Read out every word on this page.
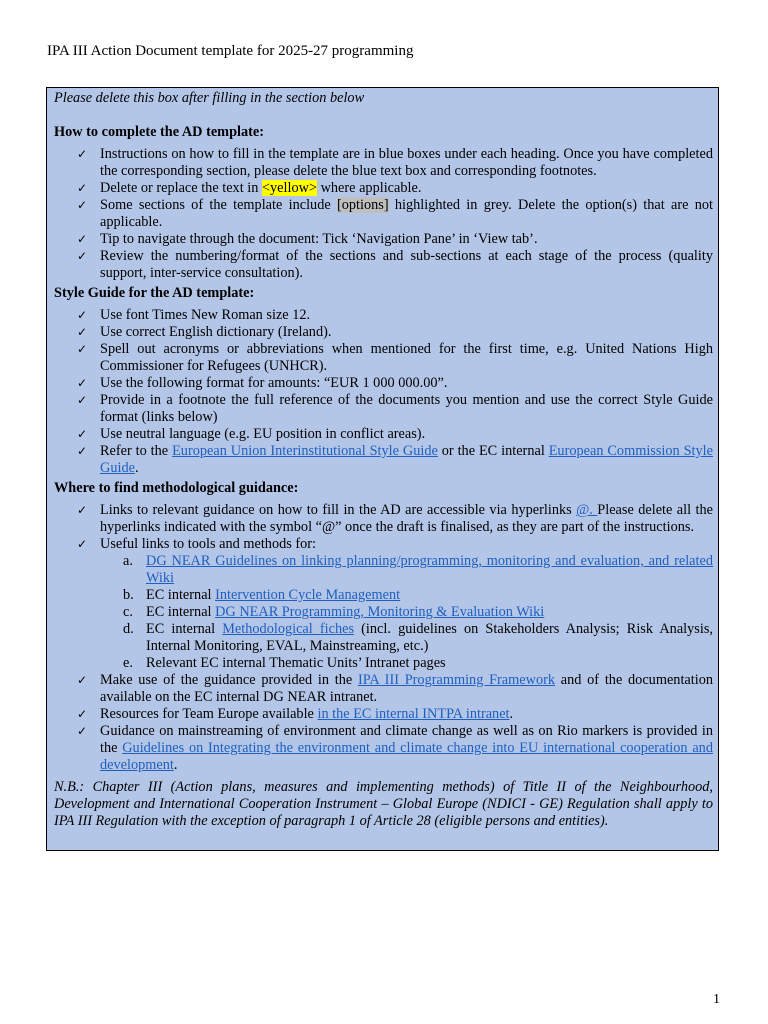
IPA III Action Document template for 2025-27 programming

Please delete this box after filling in the section below

How to complete the AD template:

✓ Instructions on how to fill in the template are in blue boxes under each heading. Once you have completed the corresponding section, please delete the blue text box and corresponding footnotes.
✓ Delete or replace the text in <yellow> where applicable.
✓ Some sections of the template include [options] highlighted in grey. Delete the option(s) that are not applicable.
✓ Tip to navigate through the document: Tick ‘Navigation Pane’ in ‘View tab’.
✓ Review the numbering/format of the sections and sub-sections at each stage of the process (quality support, inter-service consultation).

Style Guide for the AD template:

✓ Use font Times New Roman size 12.
✓ Use correct English dictionary (Ireland).
✓ Spell out acronyms or abbreviations when mentioned for the first time, e.g. United Nations High Commissioner for Refugees (UNHCR).
✓ Use the following format for amounts: “EUR 1 000 000.00”.
✓ Provide in a footnote the full reference of the documents you mention and use the correct Style Guide format (links below)
✓ Use neutral language (e.g. EU position in conflict areas).
✓ Refer to the European Union Interinstitutional Style Guide or the EC internal European Commission Style Guide.

Where to find methodological guidance:

✓ Links to relevant guidance on how to fill in the AD are accessible via hyperlinks @. Please delete all the hyperlinks indicated with the symbol “@” once the draft is finalised, as they are part of the instructions.
✓ Useful links to tools and methods for:
a. DG NEAR Guidelines on linking planning/programming, monitoring and evaluation, and related Wiki
b. EC internal Intervention Cycle Management
c. EC internal DG NEAR Programming, Monitoring & Evaluation Wiki
d. EC internal Methodological fiches (incl. guidelines on Stakeholders Analysis; Risk Analysis, Internal Monitoring, EVAL, Mainstreaming, etc.)
e. Relevant EC internal Thematic Units’ Intranet pages
✓ Make use of the guidance provided in the IPA III Programming Framework and of the documentation available on the EC internal DG NEAR intranet.
✓ Resources for Team Europe available in the EC internal INTPA intranet.
✓ Guidance on mainstreaming of environment and climate change as well as on Rio markers is provided in the Guidelines on Integrating the environment and climate change into EU international cooperation and development.

N.B.: Chapter III (Action plans, measures and implementing methods) of Title II of the Neighbourhood, Development and International Cooperation Instrument – Global Europe (NDICI - GE) Regulation shall apply to IPA III Regulation with the exception of paragraph 1 of Article 28 (eligible persons and entities).

1
